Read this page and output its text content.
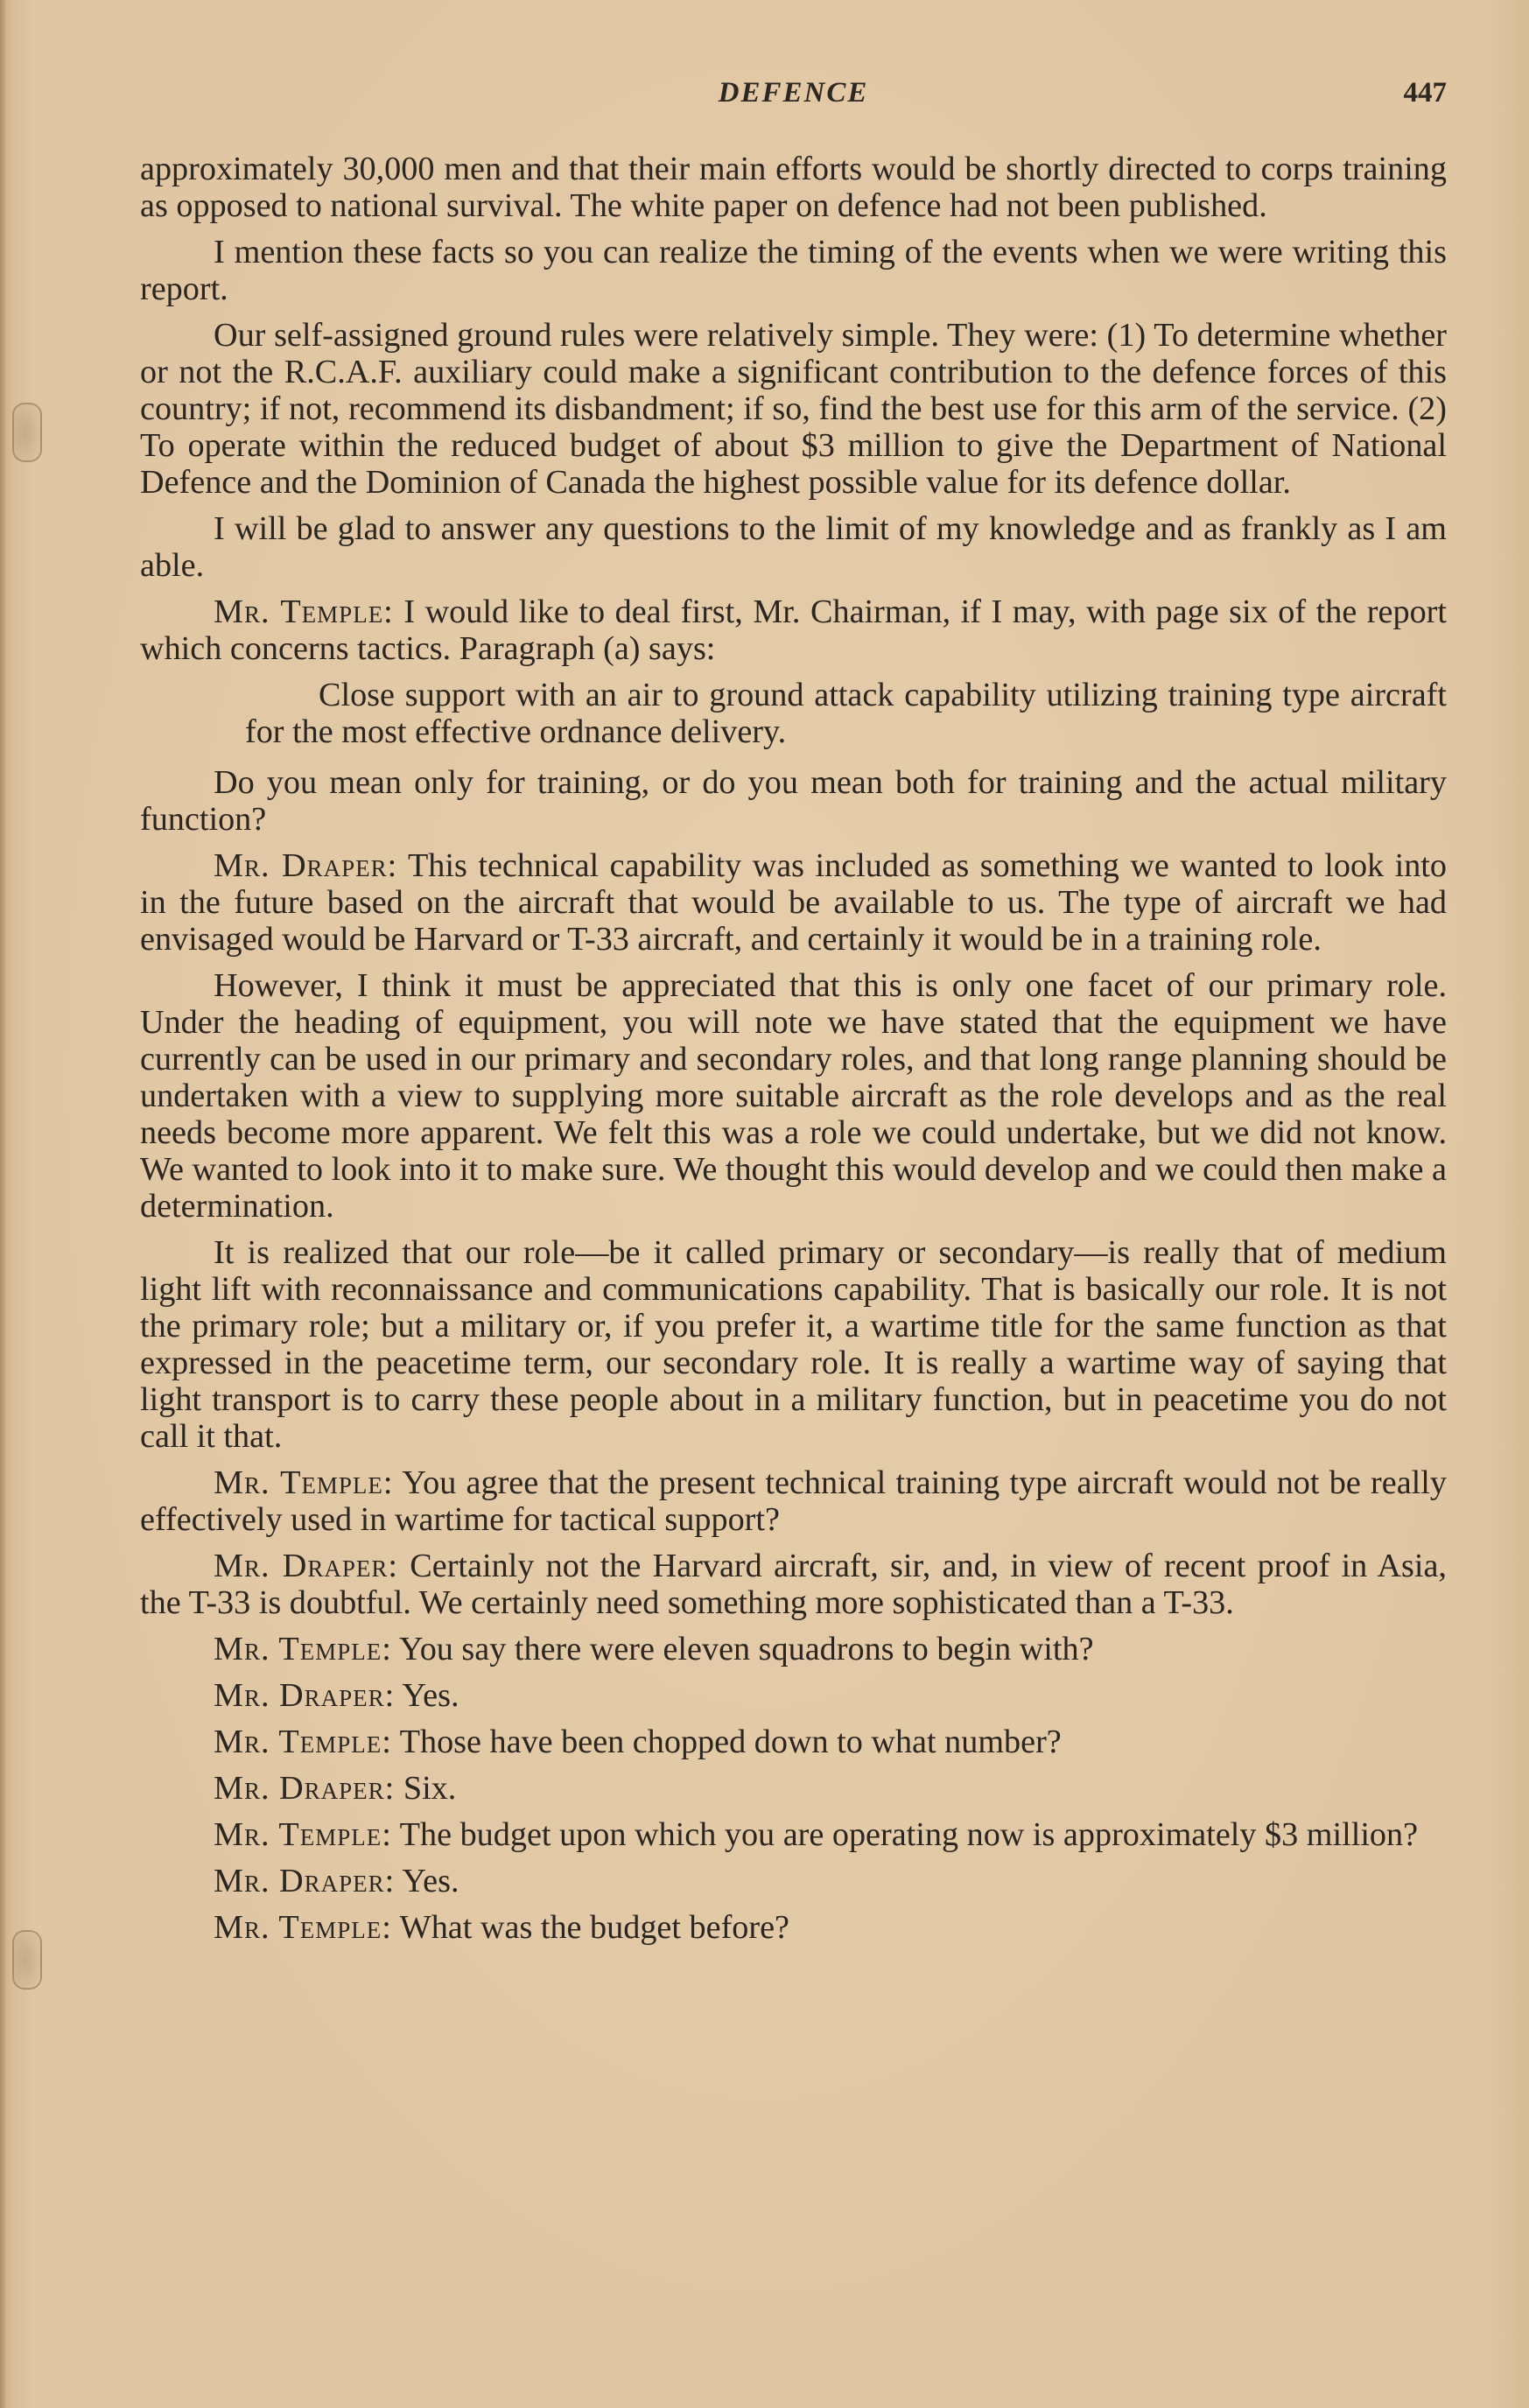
DEFENCE	447

approximately 30,000 men and that their main efforts would be shortly directed to corps training as opposed to national survival. The white paper on defence had not been published.

I mention these facts so you can realize the timing of the events when we were writing this report.

Our self-assigned ground rules were relatively simple. They were: (1) To determine whether or not the R.C.A.F. auxiliary could make a significant contribution to the defence forces of this country; if not, recommend its disbandment; if so, find the best use for this arm of the service. (2) To operate within the reduced budget of about $3 million to give the Department of National Defence and the Dominion of Canada the highest possible value for its defence dollar.

I will be glad to answer any questions to the limit of my knowledge and as frankly as I am able.

Mr. Temple: I would like to deal first, Mr. Chairman, if I may, with page six of the report which concerns tactics. Paragraph (a) says:

Close support with an air to ground attack capability utilizing training type aircraft for the most effective ordnance delivery.

Do you mean only for training, or do you mean both for training and the actual military function?

Mr. Draper: This technical capability was included as something we wanted to look into in the future based on the aircraft that would be available to us. The type of aircraft we had envisaged would be Harvard or T-33 aircraft, and certainly it would be in a training role.

However, I think it must be appreciated that this is only one facet of our primary role. Under the heading of equipment, you will note we have stated that the equipment we have currently can be used in our primary and secondary roles, and that long range planning should be undertaken with a view to supplying more suitable aircraft as the role develops and as the real needs become more apparent. We felt this was a role we could undertake, but we did not know. We wanted to look into it to make sure. We thought this would develop and we could then make a determination.

It is realized that our role—be it called primary or secondary—is really that of medium light lift with reconnaissance and communications capability. That is basically our role. It is not the primary role; but a military or, if you prefer it, a wartime title for the same function as that expressed in the peacetime term, our secondary role. It is really a wartime way of saying that light transport is to carry these people about in a military function, but in peacetime you do not call it that.

Mr. Temple: You agree that the present technical training type aircraft would not be really effectively used in wartime for tactical support?

Mr. Draper: Certainly not the Harvard aircraft, sir, and, in view of recent proof in Asia, the T-33 is doubtful. We certainly need something more sophisticated than a T-33.

Mr. Temple: You say there were eleven squadrons to begin with?

Mr. Draper: Yes.

Mr. Temple: Those have been chopped down to what number?

Mr. Draper: Six.

Mr. Temple: The budget upon which you are operating now is approximately $3 million?

Mr. Draper: Yes.

Mr. Temple: What was the budget before?
